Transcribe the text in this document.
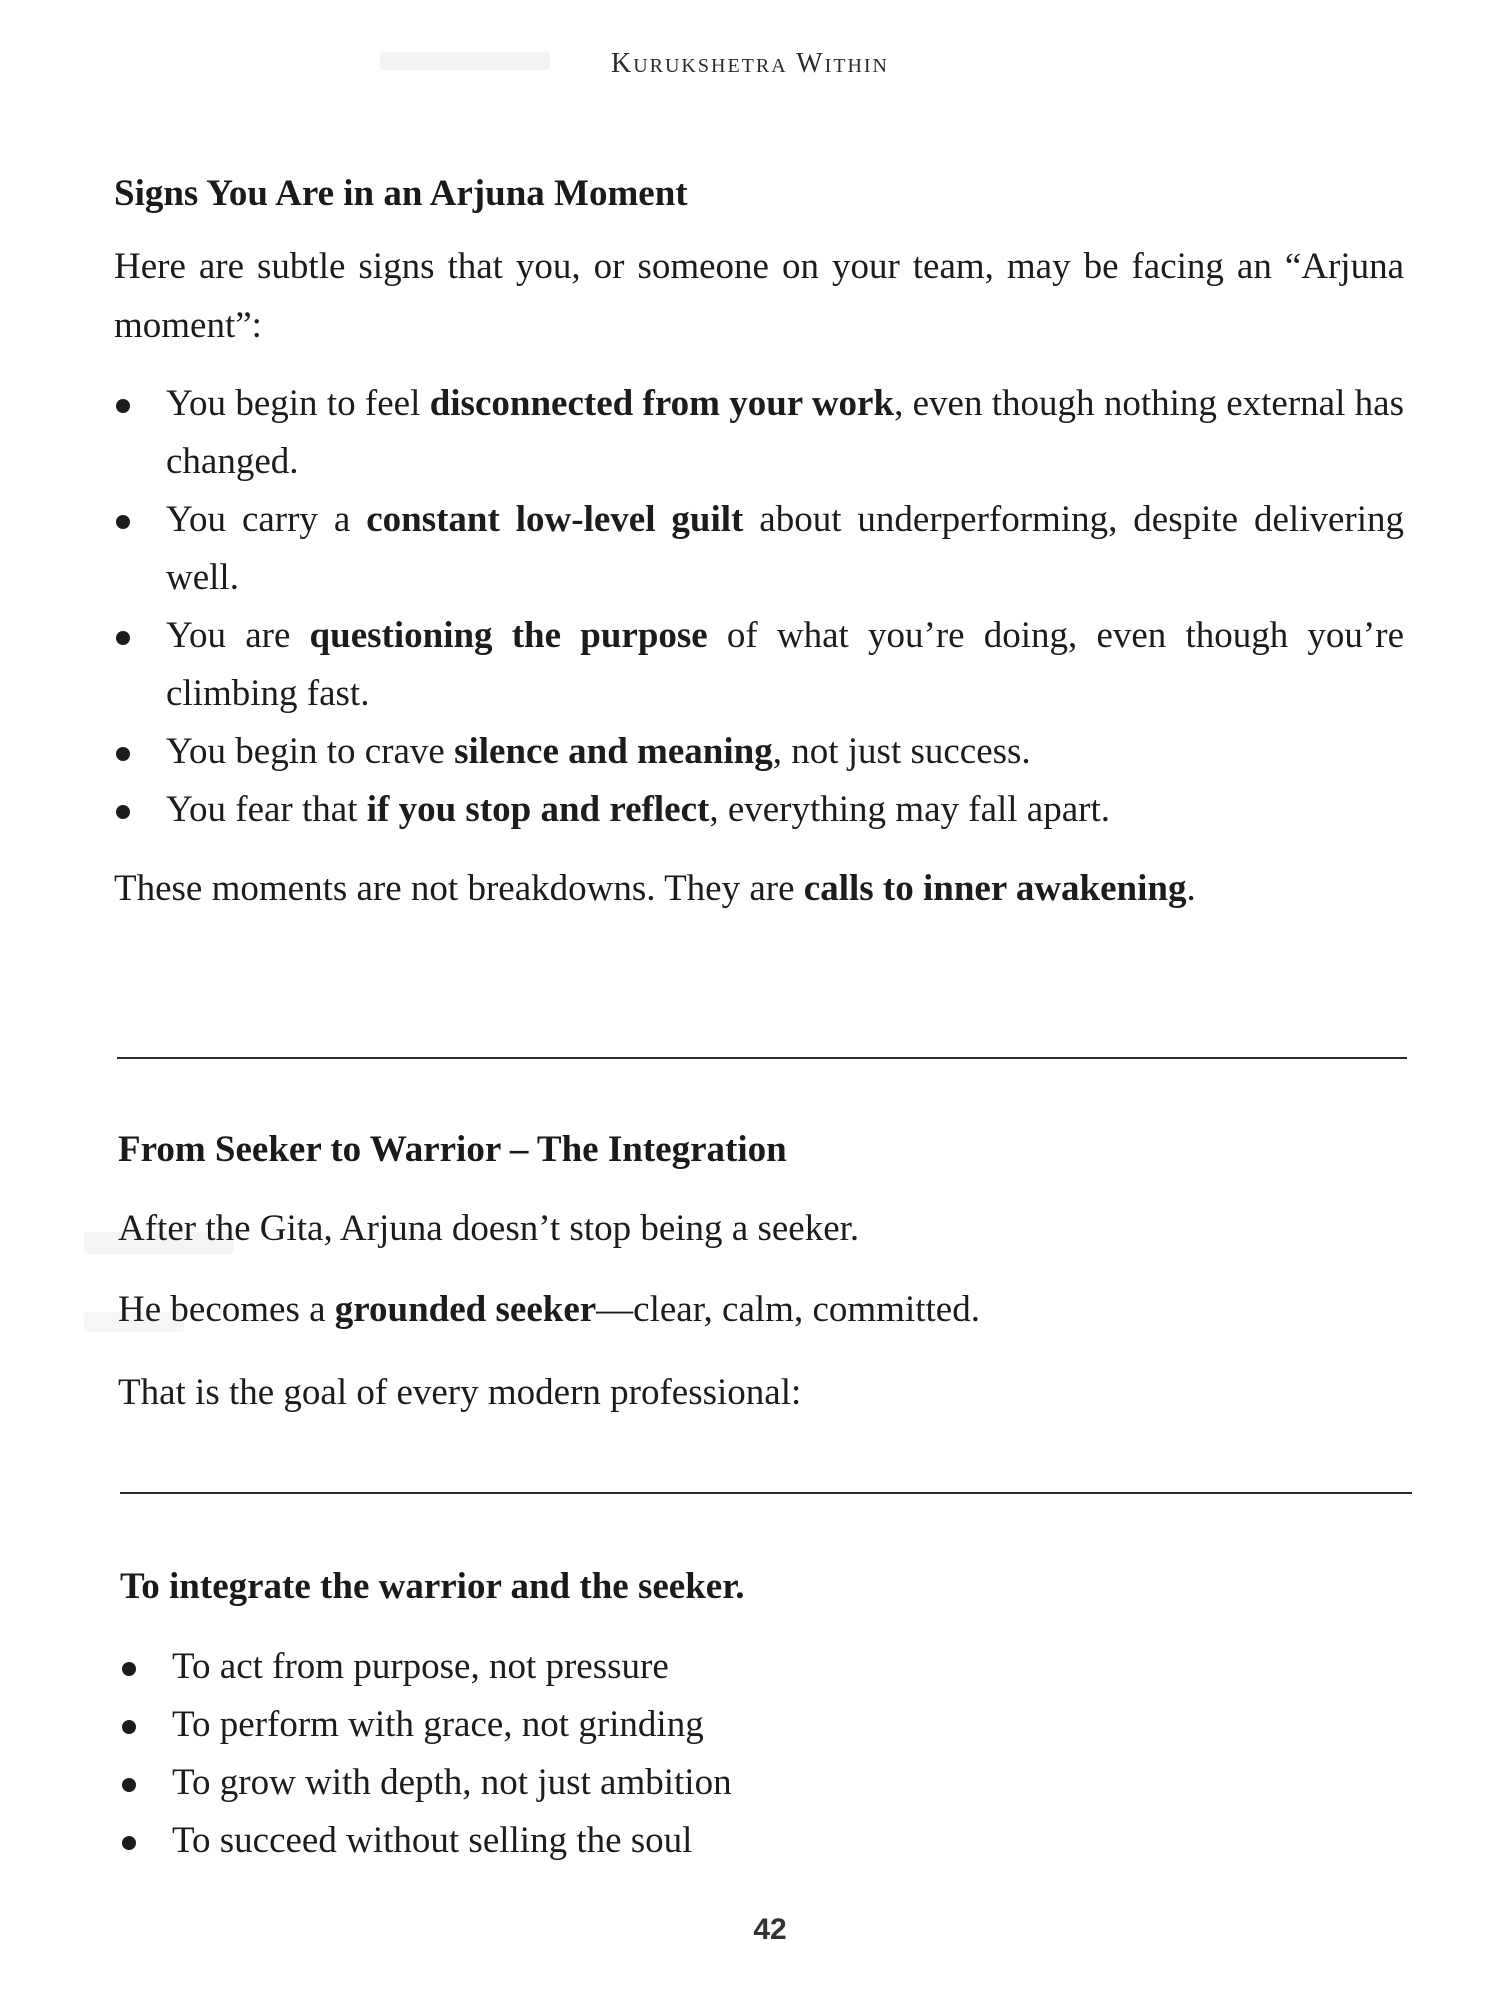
Kurukshetra Within
Signs You Are in an Arjuna Moment

Here are subtle signs that you, or someone on your team, may be facing an “Arjuna moment”:

You begin to feel disconnected from your work, even though nothing external has changed.
You carry a constant low-level guilt about underperforming, despite delivering well.
You are questioning the purpose of what you’re doing, even though you’re climbing fast.
You begin to crave silence and meaning, not just success.
You fear that if you stop and reflect, everything may fall apart.

These moments are not breakdowns. They are calls to inner awakening.

From Seeker to Warrior – The Integration

After the Gita, Arjuna doesn’t stop being a seeker.

He becomes a grounded seeker—clear, calm, committed.

That is the goal of every modern professional:

To integrate the warrior and the seeker.
To act from purpose, not pressure
To perform with grace, not grinding
To grow with depth, not just ambition
To succeed without selling the soul
42
